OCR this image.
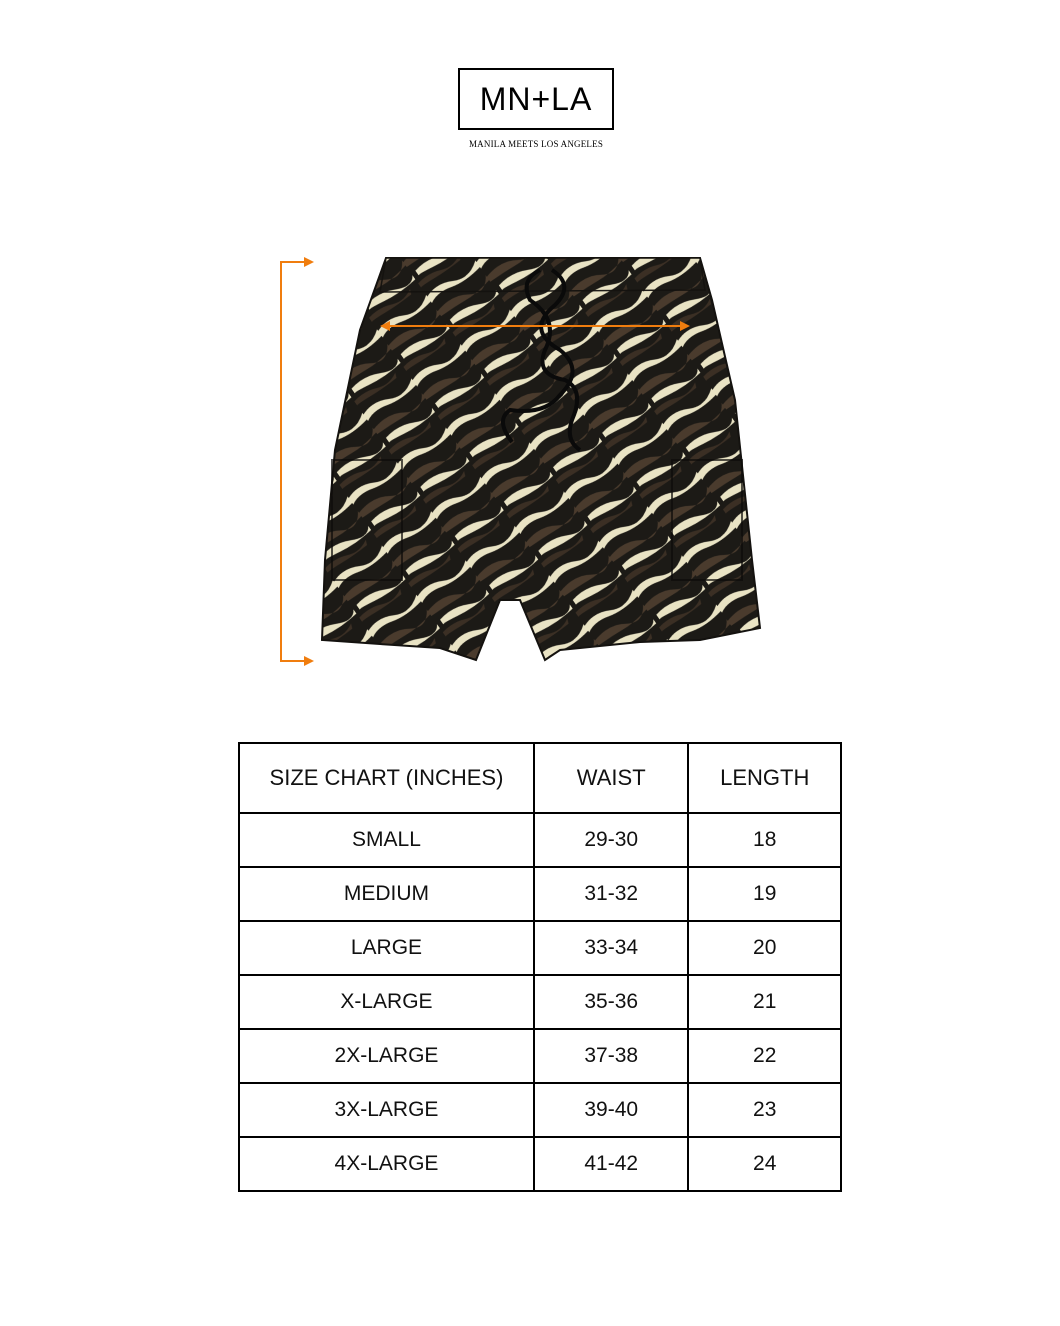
MN+LA
MANILA MEETS LOS ANGELES
SIZE CHART (INCHES)	WAIST	LENGTH
SMALL	29-30	18
MEDIUM	31-32	19
LARGE	33-34	20
X-LARGE	35-36	21
2X-LARGE	37-38	22
3X-LARGE	39-40	23
4X-LARGE	41-42	24
